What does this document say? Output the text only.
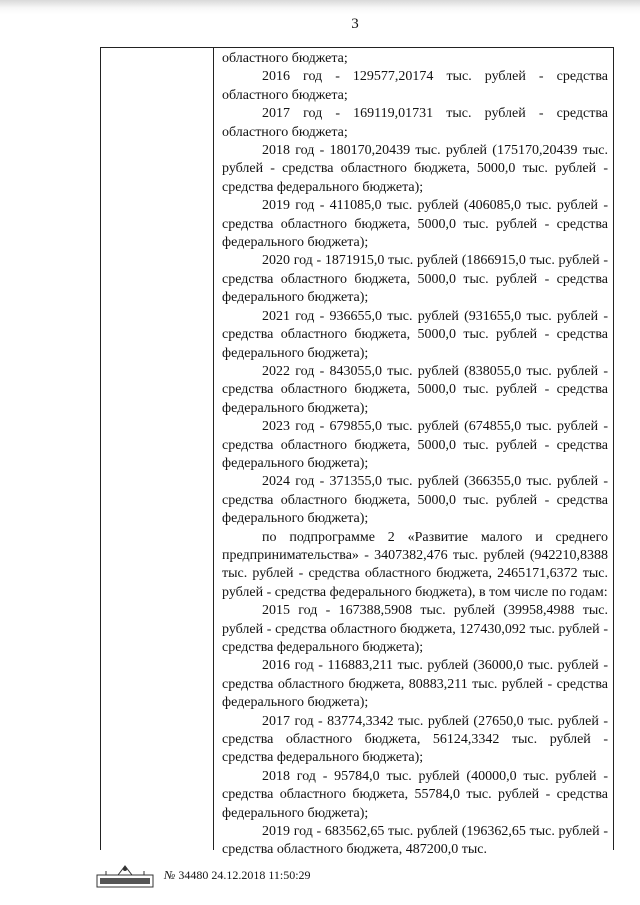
3

областного бюджета;

2016 год - 129577,20174 тыс. рублей - средства областного бюджета;

2017 год - 169119,01731 тыс. рублей - средства областного бюджета;

2018 год - 180170,20439 тыс. рублей (175170,20439 тыс. рублей - средства областного бюджета, 5000,0 тыс. рублей - средства федерального бюджета);

2019 год - 411085,0 тыс. рублей (406085,0 тыс. рублей - средства областного бюджета, 5000,0 тыс. рублей - средства федерального бюджета);

2020 год - 1871915,0 тыс. рублей (1866915,0 тыс. рублей - средства областного бюджета, 5000,0 тыс. рублей - средства федерального бюджета);

2021 год - 936655,0 тыс. рублей (931655,0 тыс. рублей - средства областного бюджета, 5000,0 тыс. рублей - средства федерального бюджета);

2022 год - 843055,0 тыс. рублей (838055,0 тыс. рублей - средства областного бюджета, 5000,0 тыс. рублей - средства федерального бюджета);

2023 год - 679855,0 тыс. рублей (674855,0 тыс. рублей - средства областного бюджета, 5000,0 тыс. рублей - средства федерального бюджета);

2024 год - 371355,0 тыс. рублей (366355,0 тыс. рублей - средства областного бюджета, 5000,0 тыс. рублей - средства федерального бюджета);

по подпрограмме 2 «Развитие малого и среднего предпринимательства» - 3407382,476 тыс. рублей (942210,8388 тыс. рублей - средства областного бюджета, 2465171,6372 тыс. рублей - средства федерального бюджета), в том числе по годам:

2015 год - 167388,5908 тыс. рублей (39958,4988 тыс. рублей - средства областного бюджета, 127430,092 тыс. рублей - средства федерального бюджета);

2016 год - 116883,211 тыс. рублей (36000,0 тыс. рублей - средства областного бюджета, 80883,211 тыс. рублей - средства федерального бюджета);

2017 год - 83774,3342 тыс. рублей (27650,0 тыс. рублей - средства областного бюджета, 56124,3342 тыс. рублей - средства федерального бюджета);

2018 год - 95784,0 тыс. рублей (40000,0 тыс. рублей - средства областного бюджета, 55784,0 тыс. рублей - средства федерального бюджета);

2019 год - 683562,65 тыс. рублей (196362,65 тыс. рублей - средства областного бюджета, 487200,0 тыс.

№ 34480 24.12.2018 11:50:29
